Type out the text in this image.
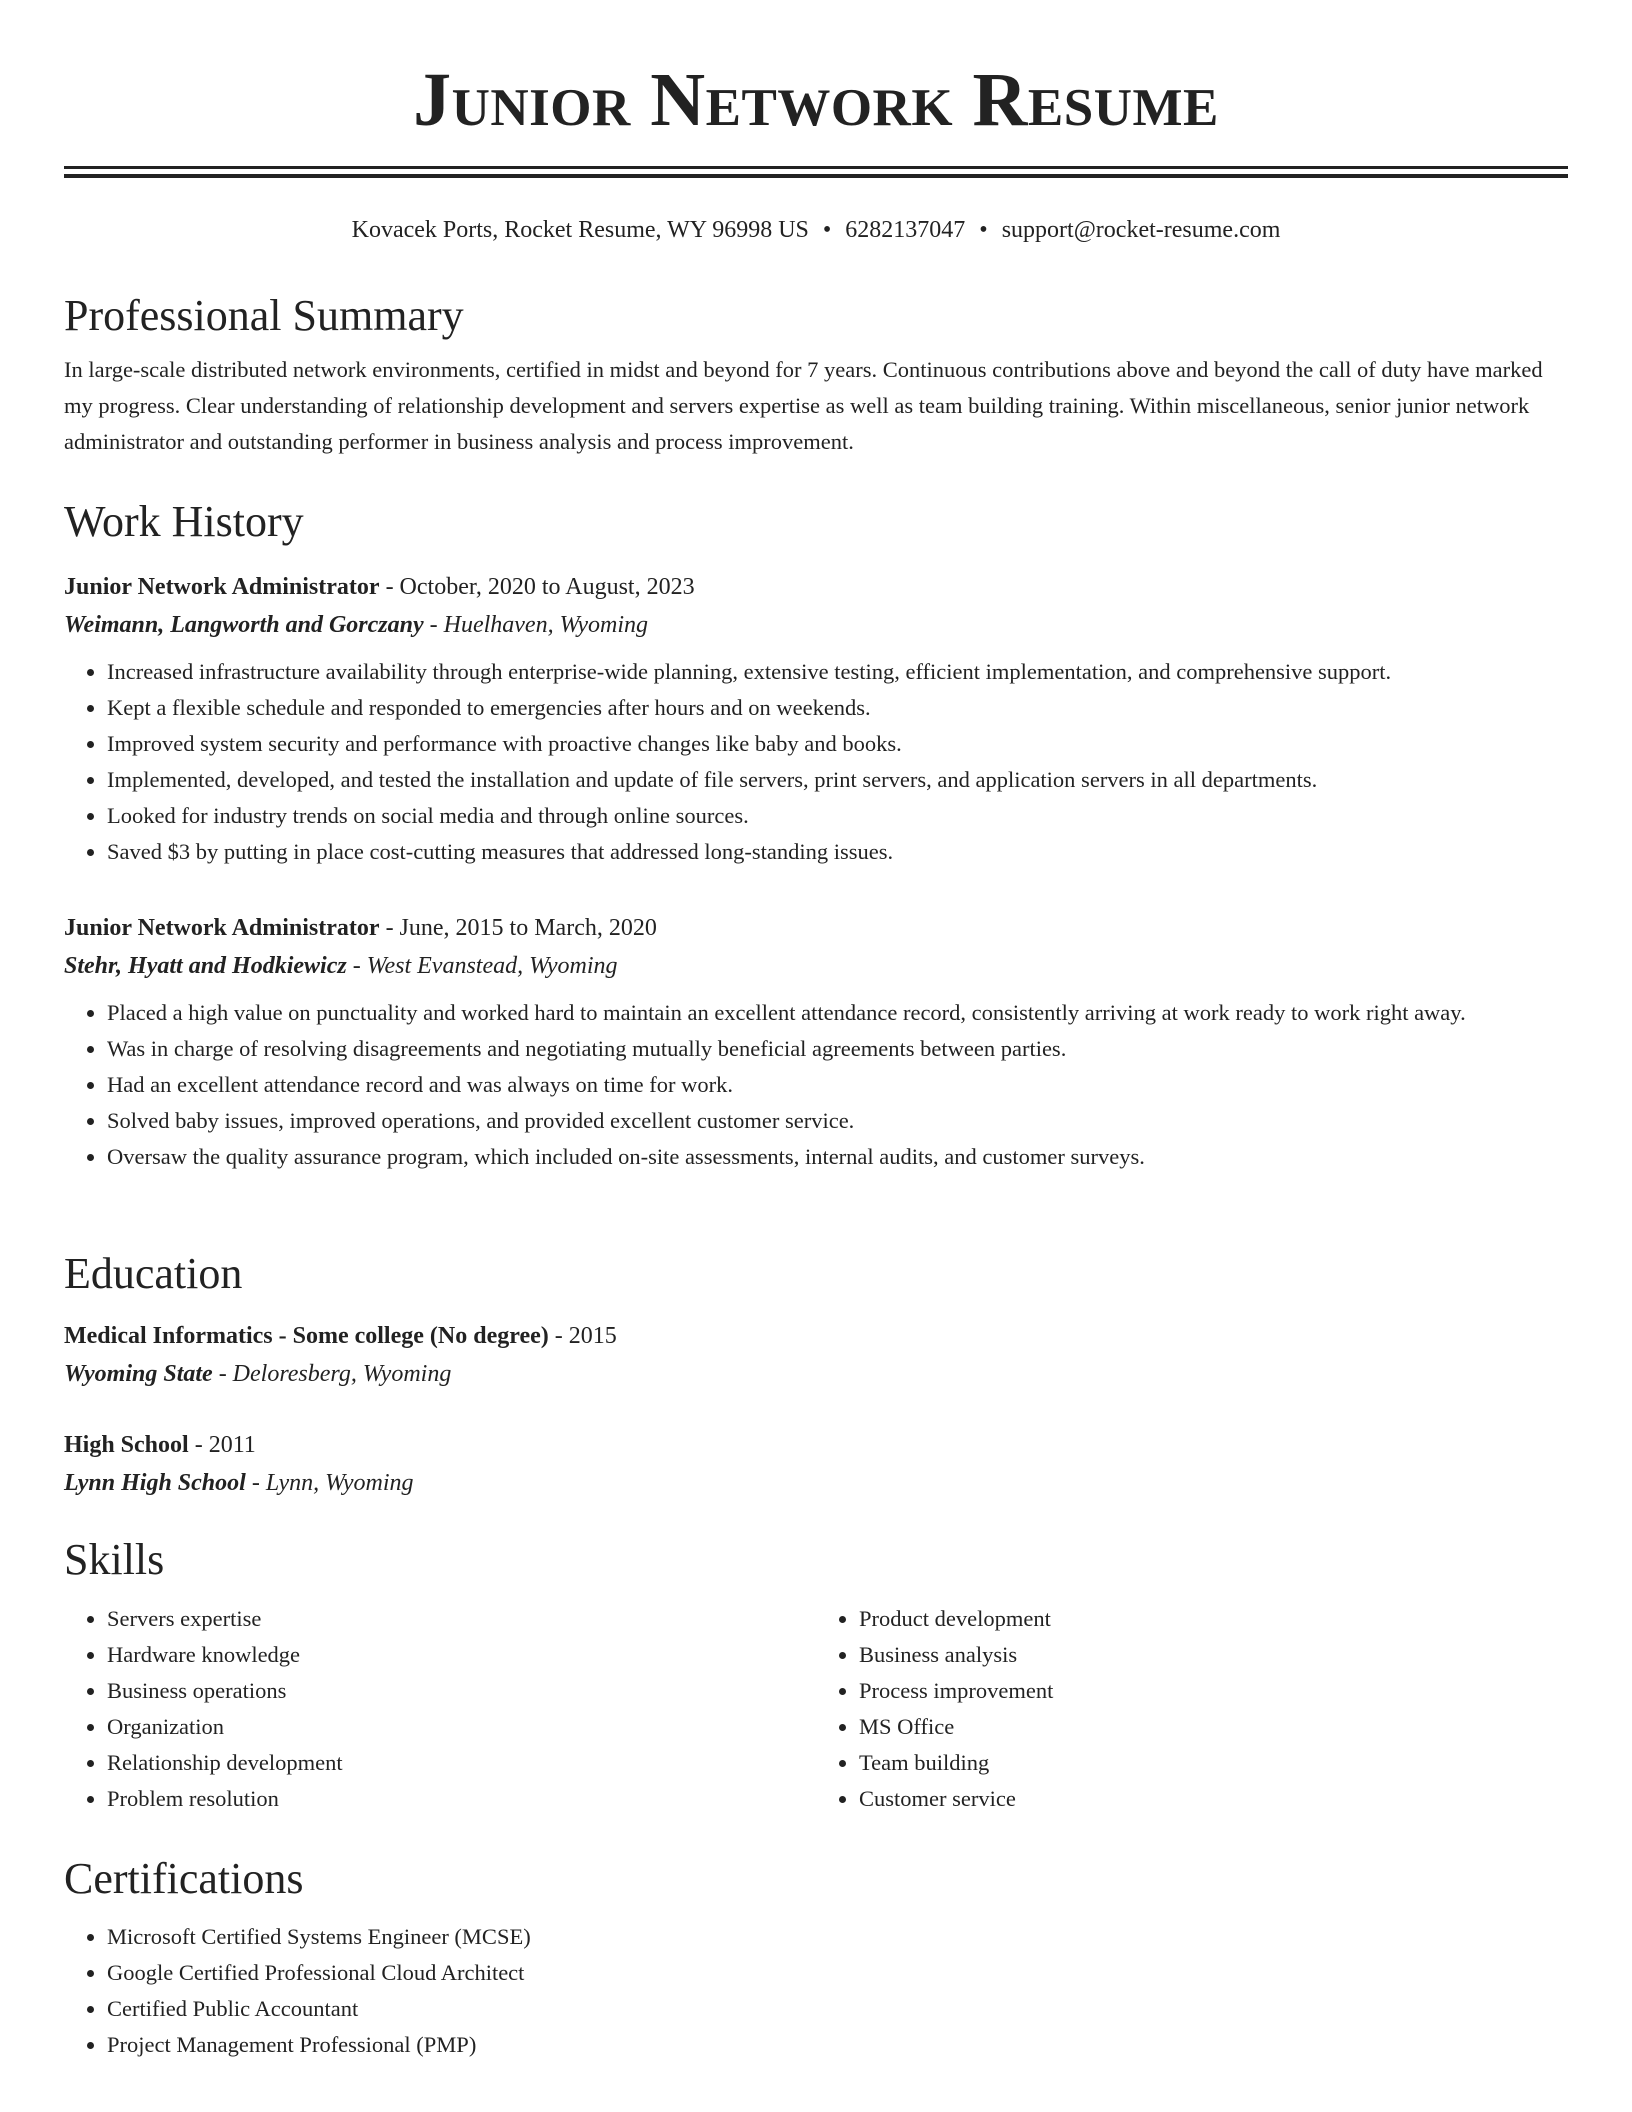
Junior Network Resume
Kovacek Ports, Rocket Resume, WY 96998 US • 6282137047 • support@rocket-resume.com
Professional Summary

In large-scale distributed network environments, certified in midst and beyond for 7 years. Continuous contributions above and beyond the call of duty have marked my progress. Clear understanding of relationship development and servers expertise as well as team building training. Within miscellaneous, senior junior network administrator and outstanding performer in business analysis and process improvement.

Work History

Junior Network Administrator - October, 2020 to August, 2023

Weimann, Langworth and Gorczany - Huelhaven, Wyoming

• Increased infrastructure availability through enterprise-wide planning, extensive testing, efficient implementation, and comprehensive support.
• Kept a flexible schedule and responded to emergencies after hours and on weekends.
• Improved system security and performance with proactive changes like baby and books.
• Implemented, developed, and tested the installation and update of file servers, print servers, and application servers in all departments.
• Looked for industry trends on social media and through online sources.
• Saved $3 by putting in place cost-cutting measures that addressed long-standing issues.

Junior Network Administrator - June, 2015 to March, 2020

Stehr, Hyatt and Hodkiewicz - West Evanstead, Wyoming

• Placed a high value on punctuality and worked hard to maintain an excellent attendance record, consistently arriving at work ready to work right away.
• Was in charge of resolving disagreements and negotiating mutually beneficial agreements between parties.
• Had an excellent attendance record and was always on time for work.
• Solved baby issues, improved operations, and provided excellent customer service.
• Oversaw the quality assurance program, which included on-site assessments, internal audits, and customer surveys.
Education

Medical Informatics - Some college (No degree) - 2015

Wyoming State - Deloresberg, Wyoming

High School - 2011

Lynn High School - Lynn, Wyoming

Skills
• Servers expertise
• Hardware knowledge
• Business operations
• Organization
• Relationship development
• Problem resolution
• Product development
• Business analysis
• Process improvement
• MS Office
• Team building
• Customer service
Certifications
• Microsoft Certified Systems Engineer (MCSE)
• Google Certified Professional Cloud Architect
• Certified Public Accountant
• Project Management Professional (PMP)
